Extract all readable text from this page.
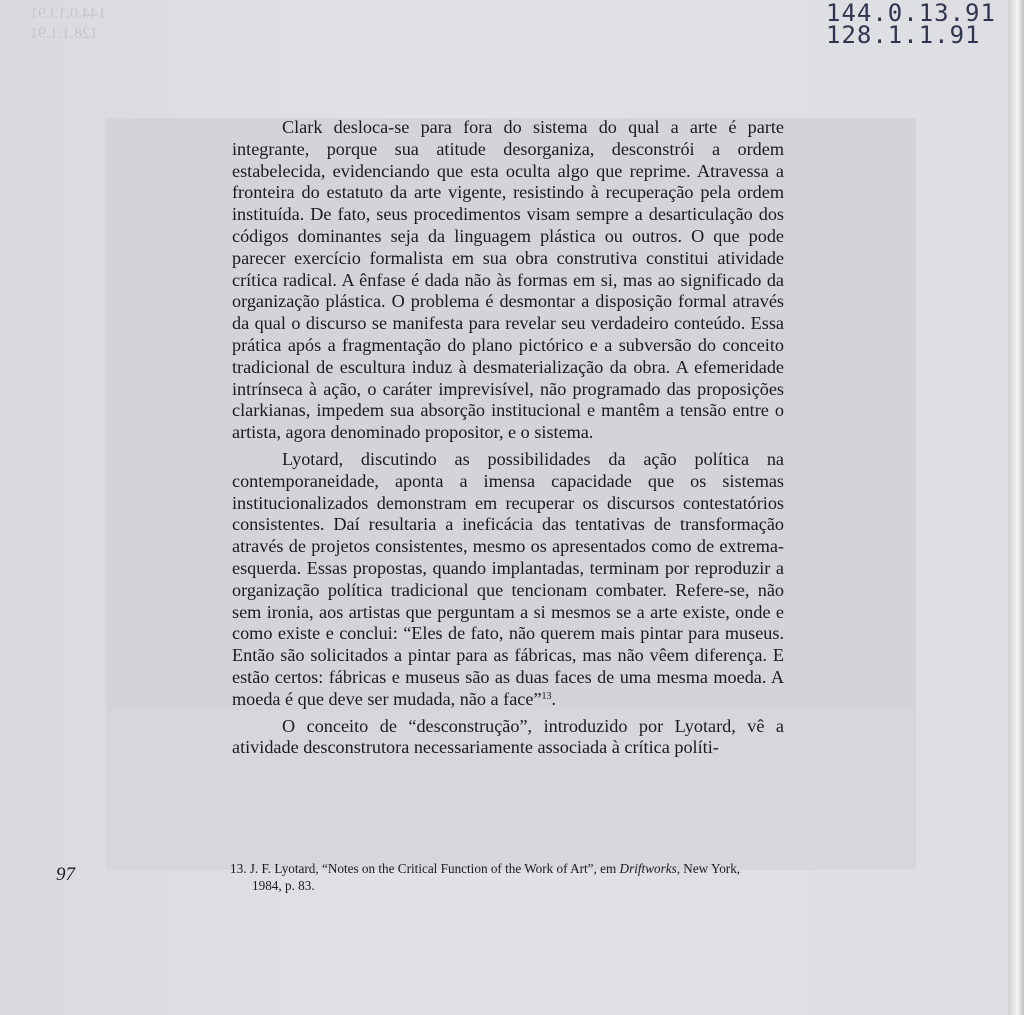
144.0.13.91
128.1.1.91
144.0.13.91
128.1.1.91

Clark desloca-se para fora do sistema do qual a arte é parte integrante, porque sua atitude desorganiza, desconstrói a ordem estabelecida, evidenciando que esta oculta algo que reprime. Atravessa a fronteira do estatuto da arte vigente, resistindo à recuperação pela ordem instituída. De fato, seus procedimentos visam sempre a desarticulação dos códigos dominantes seja da linguagem plástica ou outros. O que pode parecer exercício formalista em sua obra construtiva constitui atividade crítica radical. A ênfase é dada não às formas em si, mas ao significado da organização plástica. O problema é desmontar a disposição formal através da qual o discurso se manifesta para revelar seu verdadeiro conteúdo. Essa prática após a fragmentação do plano pictórico e a subversão do conceito tradicional de escultura induz à desmaterialização da obra. A efemeridade intrínseca à ação, o caráter imprevisível, não programado das proposições clarkianas, impedem sua absorção institucional e mantêm a tensão entre o artista, agora denominado propositor, e o sistema.

Lyotard, discutindo as possibilidades da ação política na contemporaneidade, aponta a imensa capacidade que os sistemas institucionalizados demonstram em recuperar os discursos contestatórios consistentes. Daí resultaria a ineficácia das tentativas de transformação através de projetos consistentes, mesmo os apresentados como de extrema-esquerda. Essas propostas, quando implantadas, terminam por reproduzir a organização política tradicional que tencionam combater. Refere-se, não sem ironia, aos artistas que perguntam a si mesmos se a arte existe, onde e como existe e conclui: “Eles de fato, não querem mais pintar para museus. Então são solicitados a pintar para as fábricas, mas não vêem diferença. E estão certos: fábricas e museus são as duas faces de uma mesma moeda. A moeda é que deve ser mudada, não a face”$^{13}$.

O conceito de “desconstrução”, introduzido por Lyotard, vê a atividade desconstrutora necessariamente associada à crítica políti-

97	13. J. F. Lyotard, “Notes on the Critical Function of the Work of Art”, em Driftworks, New York,
1984, p. 83.
